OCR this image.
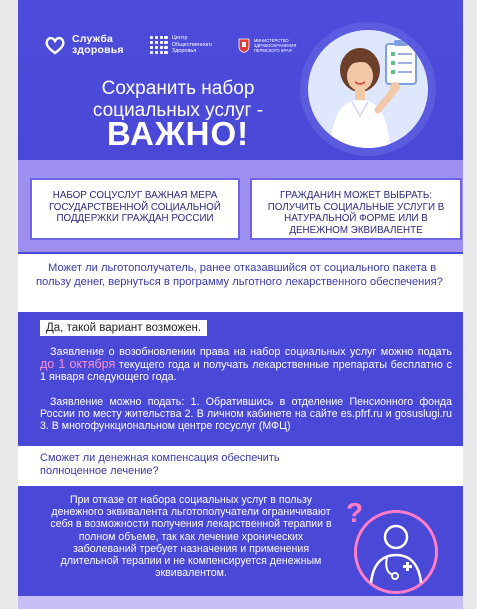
Служба
здоровья
Центр Общественного Здоровья
МИНИСТЕРСТВО ЗДРАВООХРАНЕНИЯ ПЕРМСКОГО КРАЯ
Сохранить набор социальных услуг -
ВАЖНО!
НАБОР СОЦУСЛУГ ВАЖНАЯ МЕРА ГОСУДАРСТВЕННОЙ СОЦИАЛЬНОЙ ПОДДЕРЖКИ ГРАЖДАН РОССИИ
ГРАЖДАНИН МОЖЕТ ВЫБРАТЬ: ПОЛУЧИТЬ СОЦИАЛЬНЫЕ УСЛУГИ В НАТУРАЛЬНОЙ ФОРМЕ ИЛИ В ДЕНЕЖНОМ ЭКВИВАЛЕНТЕ
Может ли льготополучатель, ранее отказавшийся от социального пакета в пользу денег, вернуться в программу льготного лекарственного обеспечения?
Да, такой вариант возможен.
Заявление о возобновлении права на набор социальных услуг можно подать до 1 октября текущего года и получать лекарственные препараты бесплатно с 1 января следующего года.
Заявление можно подать: 1. Обратившись в отделение Пенсионного фонда России по месту жительства 2. В личном кабинете на сайте es.pfrf.ru и gosuslugi.ru 3. В многофункциональном центре госуслуг (МФЦ)
Сможет ли денежная компенсация обеспечить полноценное лечение?
При отказе от набора социальных услуг в пользу денежного эквивалента льготополучатели ограничивают себя в возможности получения лекарственной терапии в полном объеме, так как лечение хронических заболеваний требует назначения и применения длительной терапии и не компенсируется денежным эквивалентом.
?
